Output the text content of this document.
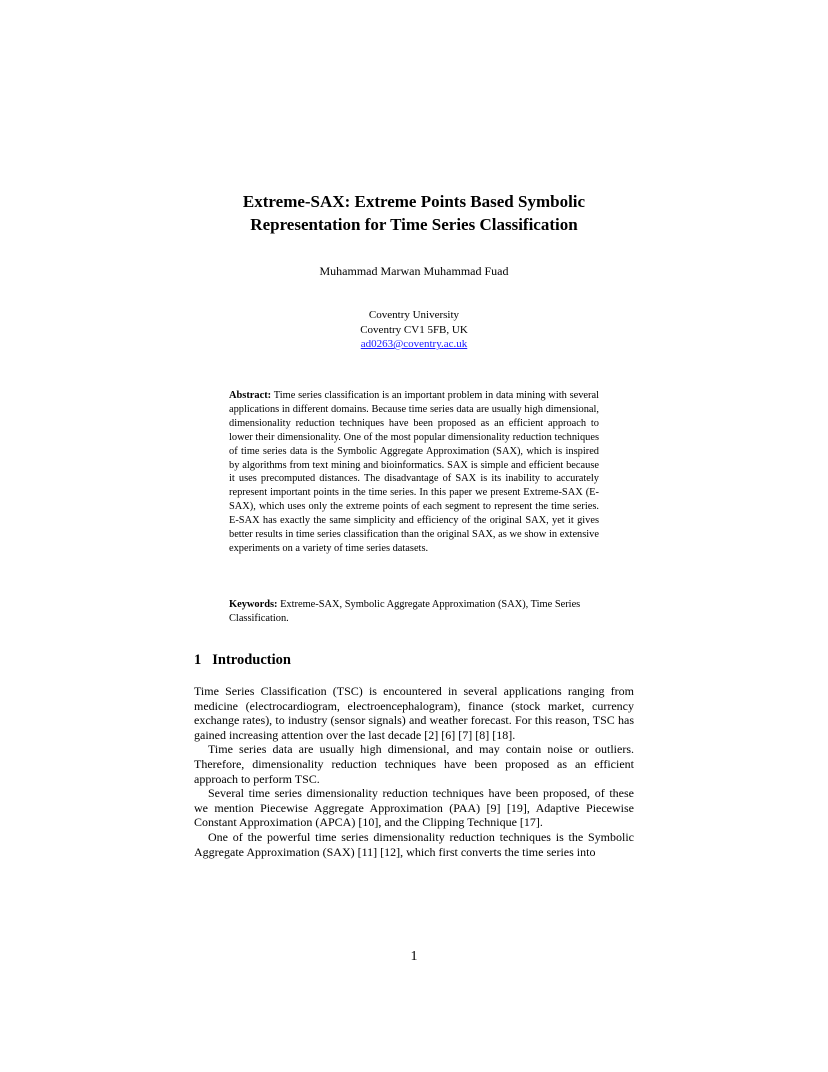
Extreme-SAX: Extreme Points Based Symbolic
Representation for Time Series Classification
Muhammad Marwan Muhammad Fuad
Coventry University
Coventry CV1 5FB, UK
ad0263@coventry.ac.uk
Abstract: Time series classification is an important problem in data mining with several applications in different domains. Because time series data are usually high dimensional, dimensionality reduction techniques have been proposed as an efficient approach to lower their dimensionality. One of the most popular dimensionality reduction techniques of time series data is the Symbolic Aggregate Approximation (SAX), which is inspired by algorithms from text mining and bioinformatics. SAX is simple and efficient because it uses precomputed distances. The disadvantage of SAX is its inability to accurately represent important points in the time series. In this paper we present Extreme-SAX (E-SAX), which uses only the extreme points of each segment to represent the time series. E-SAX has exactly the same simplicity and efficiency of the original SAX, yet it gives better results in time series classification than the original SAX, as we show in extensive experiments on a variety of time series datasets.
Keywords: Extreme-SAX, Symbolic Aggregate Approximation (SAX), Time Series Classification.
1 Introduction

Time Series Classification (TSC) is encountered in several applications ranging from medicine (electrocardiogram, electroencephalogram), finance (stock market, currency exchange rates), to industry (sensor signals) and weather forecast. For this reason, TSC has gained increasing attention over the last decade [2] [6] [7] [8] [18].

Time series data are usually high dimensional, and may contain noise or outliers. Therefore, dimensionality reduction techniques have been proposed as an efficient approach to perform TSC.

Several time series dimensionality reduction techniques have been proposed, of these we mention Piecewise Aggregate Approximation (PAA) [9] [19], Adaptive Piecewise Constant Approximation (APCA) [10], and the Clipping Technique [17].

One of the powerful time series dimensionality reduction techniques is the Symbolic Aggregate Approximation (SAX) [11] [12], which first converts the time series into

1
